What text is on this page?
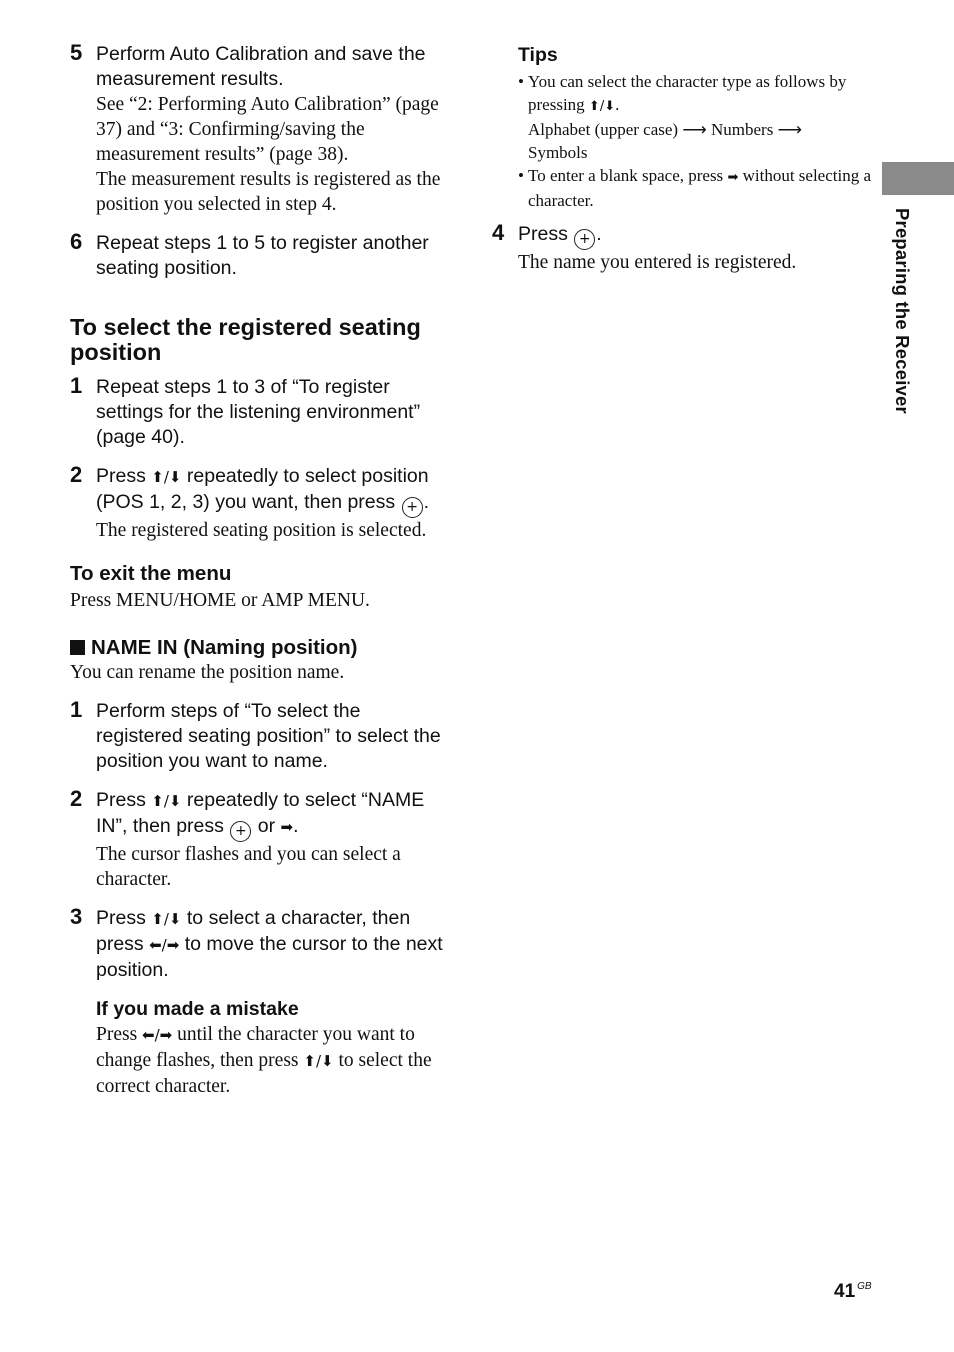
5 Perform Auto Calibration and save the measurement results.
See “2: Performing Auto Calibration” (page 37) and “3: Confirming/saving the measurement results” (page 38).
The measurement results is registered as the position you selected in step 4.
6 Repeat steps 1 to 5 to register another seating position.
To select the registered seating position
1 Repeat steps 1 to 3 of “To register settings for the listening environment” (page 40).
2 Press ⬆/⬇ repeatedly to select position (POS 1, 2, 3) you want, then press + .
The registered seating position is selected.
To exit the menu
Press MENU/HOME or AMP MENU.
NAME IN (Naming position)
You can rename the position name.
1 Perform steps of “To select the registered seating position” to select the position you want to name.
2 Press ⬆/⬇ repeatedly to select “NAME IN”, then press + or ➡.
The cursor flashes and you can select a character.
3 Press ⬆/⬇ to select a character, then press ⬅/➡ to move the cursor to the next position.
If you made a mistake
Press ⬅/➡ until the character you want to change flashes, then press ⬆/⬇ to select the correct character.
Tips
• You can select the character type as follows by pressing ⬆/⬇.
Alphabet (upper case) ⟶ Numbers ⟶
Symbols
• To enter a blank space, press ➡ without selecting a character.
4 Press + .
The name you entered is registered.	Preparing the Receiver
41 $^{GB}$
